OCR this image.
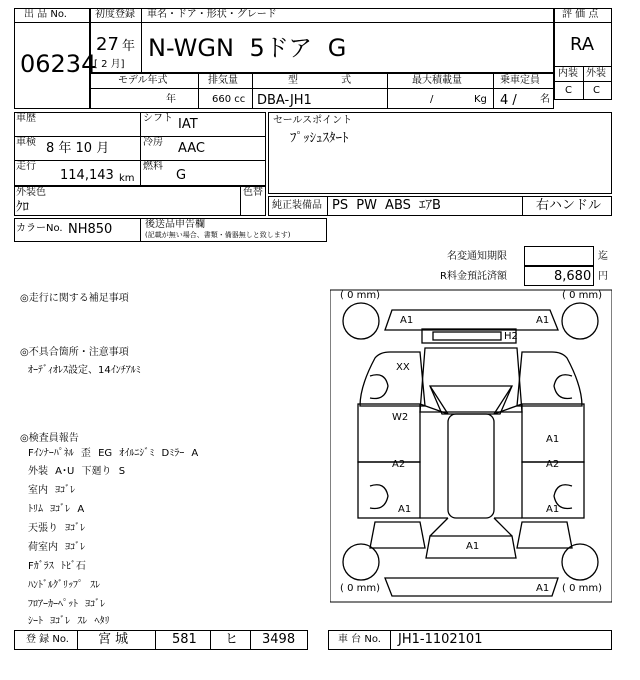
出 品 No.
06234
初度登録 車名・ドア・形状・グレード
27 年
[ 2 月]
N-WGN 5ドア G
評 価 点
RA
内装 外装
C C
モデル年式	排気量	型 式	最大積載量	乗車定員
年	660 cc DBA-JH1	/	Kg 4 / 名
車歴	シフト IAT
車検 8 年 10 月	冷房 AAC
走行
114,143 km
燃料
G
セールスポイント
ﾌﾟｯｼｭｽﾀｰﾄ
外装色
ｸﾛ
色替
純正装備品 PS PW ABS ｴｱB	右ハンドル
カラーNo. NH850	後送品申告欄
(記載が無い場合、書類・備器無しと致します)
名変通知期限	迄
R料金預託済額	8,680 円
◎走行に関する補足事項
◎不具合箇所・注意事項
ｵｰﾃﾞｨｵﾚｽ設定、14ｲﾝﾁｱﾙﾐ
◎検査員報告
Fｲﾝﾅｰﾊﾟﾈﾙ 歪 EG ｵｲﾙﾆｼﾞﾐ Dﾐﾗｰ A
外装 A･U 下廻り S
室内 ﾖｺﾞﾚ
ﾄﾘﾑ ﾖｺﾞﾚ A
天張り ﾖｺﾞﾚ
荷室内 ﾖｺﾞﾚ
Fｶﾞﾗｽ ﾄﾋﾞ石
ﾊﾝﾄﾞﾙｸﾞﾘｯﾌﾟ ｽﾚ
ﾌﾛｱｰｶｰﾍﾟｯﾄ ﾖｺﾞﾚ
ｼｰﾄ ﾖｺﾞﾚ ｽﾚ ﾍﾀﾘ
( 0 mm)	( 0 mm)
( 0 mm)	( 0 mm)
A1	A1
H2
XX
W2
A1
A2	A2
A1	A1
A1
A1
登 録 No. 宮 城	581 ヒ 3498	車 台 No. JH1-1102101
